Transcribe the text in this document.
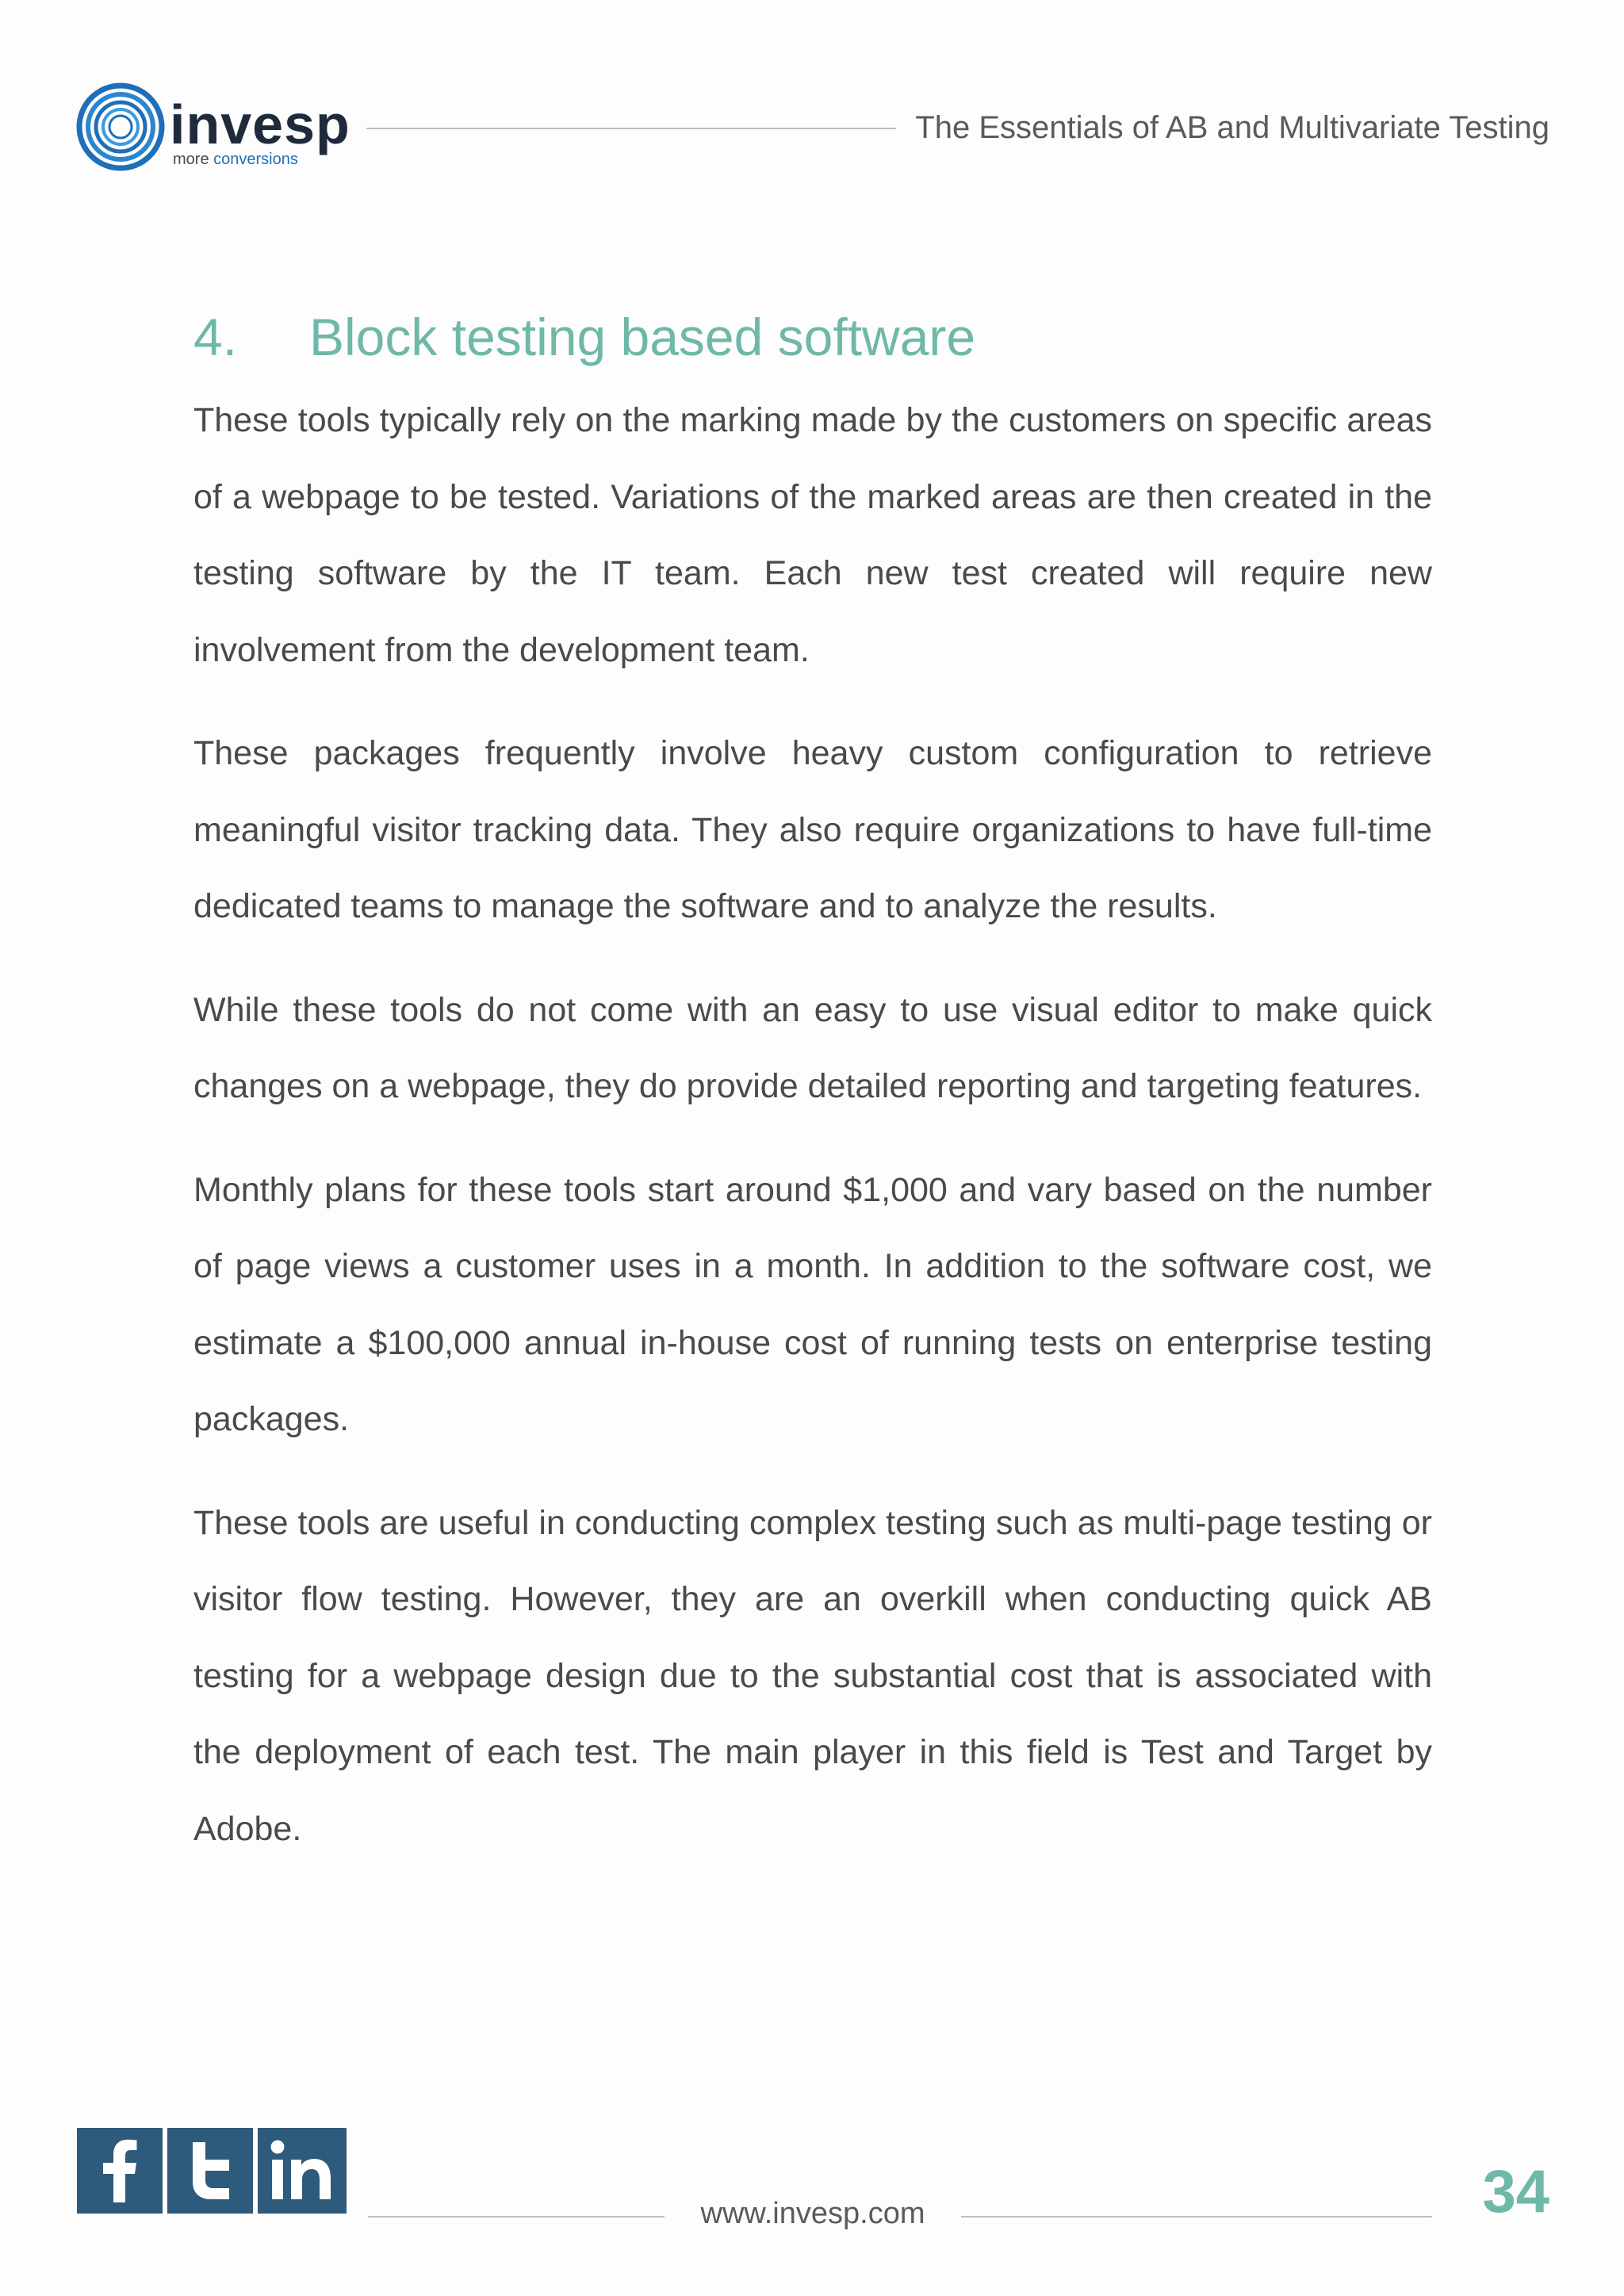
invesp
more conversions
The Essentials of AB and Multivariate Testing
4.	Block testing based software

These tools typically rely on the marking made by the customers on specific areas of a webpage to be tested. Variations of the marked areas are then created in the testing software by the IT team. Each new test created will require new involvement from the development team.

These packages frequently involve heavy custom configuration to retrieve meaningful visitor tracking data. They also require organizations to have full-time dedicated teams to manage the software and to analyze the results.

While these tools do not come with an easy to use visual editor to make quick changes on a webpage, they do provide detailed reporting and targeting features.

Monthly plans for these tools start around $1,000 and vary based on the number of page views a customer uses in a month. In addition to the software cost, we estimate a $100,000 annual in-house cost of running tests on enterprise testing packages.

These tools are useful in conducting complex testing such as multi-page testing or visitor flow testing. However, they are an overkill when conducting quick AB testing for a webpage design due to the substantial cost that is associated with the deployment of each test. The main player in this field is Test and Target by Adobe.

www.invesp.com	34
